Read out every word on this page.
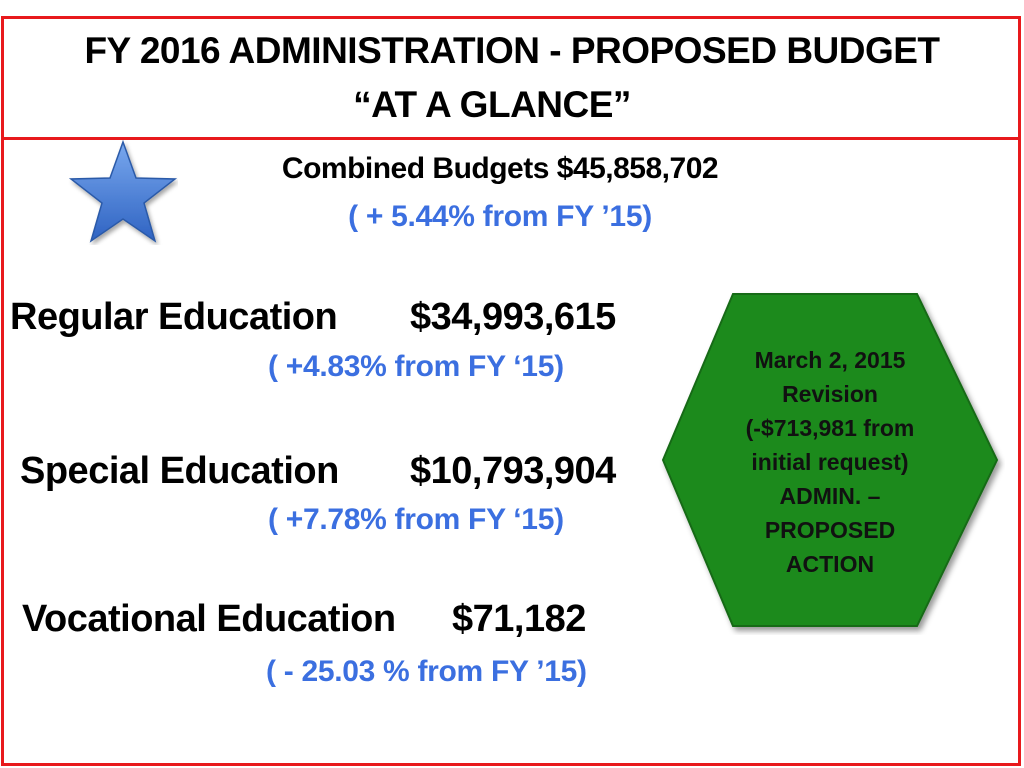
FY 2016 ADMINISTRATION - PROPOSED BUDGET
“AT A GLANCE”
Combined Budgets $45,858,702
( + 5.44% from FY ’15)
Regular Education $34,993,615
( +4.83% from FY ‘15)
Special Education $10,793,904
( +7.78% from FY ‘15)
Vocational Education $71,182
( - 25.03 % from FY ’15)
March 2, 2015
Revision
(-$713,981 from
initial request)
ADMIN. –
PROPOSED
ACTION
